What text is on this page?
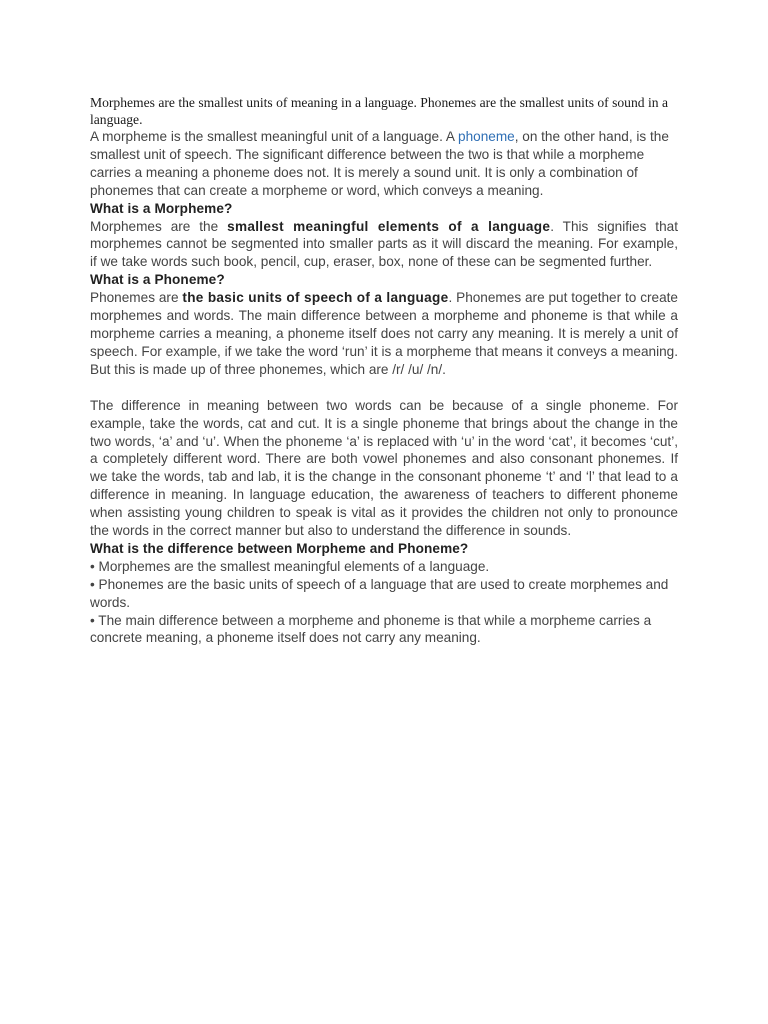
Morphemes are the smallest units of meaning in a language. Phonemes are the smallest units of sound in a language.

A morpheme is the smallest meaningful unit of a language. A phoneme, on the other hand, is the smallest unit of speech. The significant difference between the two is that while a morpheme carries a meaning a phoneme does not. It is merely a sound unit. It is only a combination of phonemes that can create a morpheme or word, which conveys a meaning.

What is a Morpheme?

Morphemes are the smallest meaningful elements of a language. This signifies that morphemes cannot be segmented into smaller parts as it will discard the meaning. For example, if we take words such book, pencil, cup, eraser, box, none of these can be segmented further.

What is a Phoneme?

Phonemes are the basic units of speech of a language. Phonemes are put together to create morphemes and words. The main difference between a morpheme and phoneme is that while a morpheme carries a meaning, a phoneme itself does not carry any meaning. It is merely a unit of speech. For example, if we take the word ‘run’ it is a morpheme that means it conveys a meaning. But this is made up of three phonemes, which are /r/ /u/ /n/.

The difference in meaning between two words can be because of a single phoneme. For example, take the words, cat and cut. It is a single phoneme that brings about the change in the two words, ‘a’ and ‘u’. When the phoneme ‘a’ is replaced with ‘u’ in the word ‘cat’, it becomes ‘cut’, a completely different word. There are both vowel phonemes and also consonant phonemes. If we take the words, tab and lab, it is the change in the consonant phoneme ‘t’ and ‘l’ that lead to a difference in meaning. In language education, the awareness of teachers to different phoneme when assisting young children to speak is vital as it provides the children not only to pronounce the words in the correct manner but also to understand the difference in sounds.

What is the difference between Morpheme and Phoneme?

• Morphemes are the smallest meaningful elements of a language.

• Phonemes are the basic units of speech of a language that are used to create morphemes and words.

• The main difference between a morpheme and phoneme is that while a morpheme carries a concrete meaning, a phoneme itself does not carry any meaning.
